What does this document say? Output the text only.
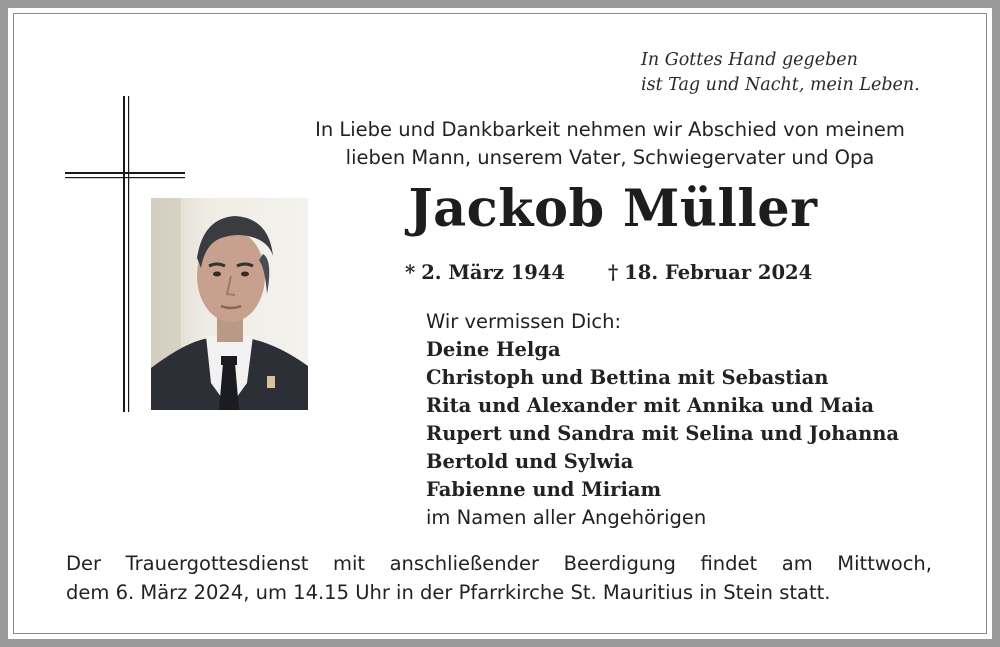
In Gottes Hand gegeben
ist Tag und Nacht, mein Leben.
In Liebe und Dankbarkeit nehmen wir Abschied von meinem
lieben Mann, unserem Vater, Schwiegervater und Opa
Jackob Müller
* 2. März 1944 † 18. Februar 2024
Wir vermissen Dich:
Deine Helga
Christoph und Bettina mit Sebastian
Rita und Alexander mit Annika und Maia
Rupert und Sandra mit Selina und Johanna
Bertold und Sylwia
Fabienne und Miriam
im Namen aller Angehörigen
Der Trauergottesdienst mit anschließender Beerdigung findet am Mittwoch,
dem 6. März 2024, um 14.15 Uhr in der Pfarrkirche St. Mauritius in Stein statt.
